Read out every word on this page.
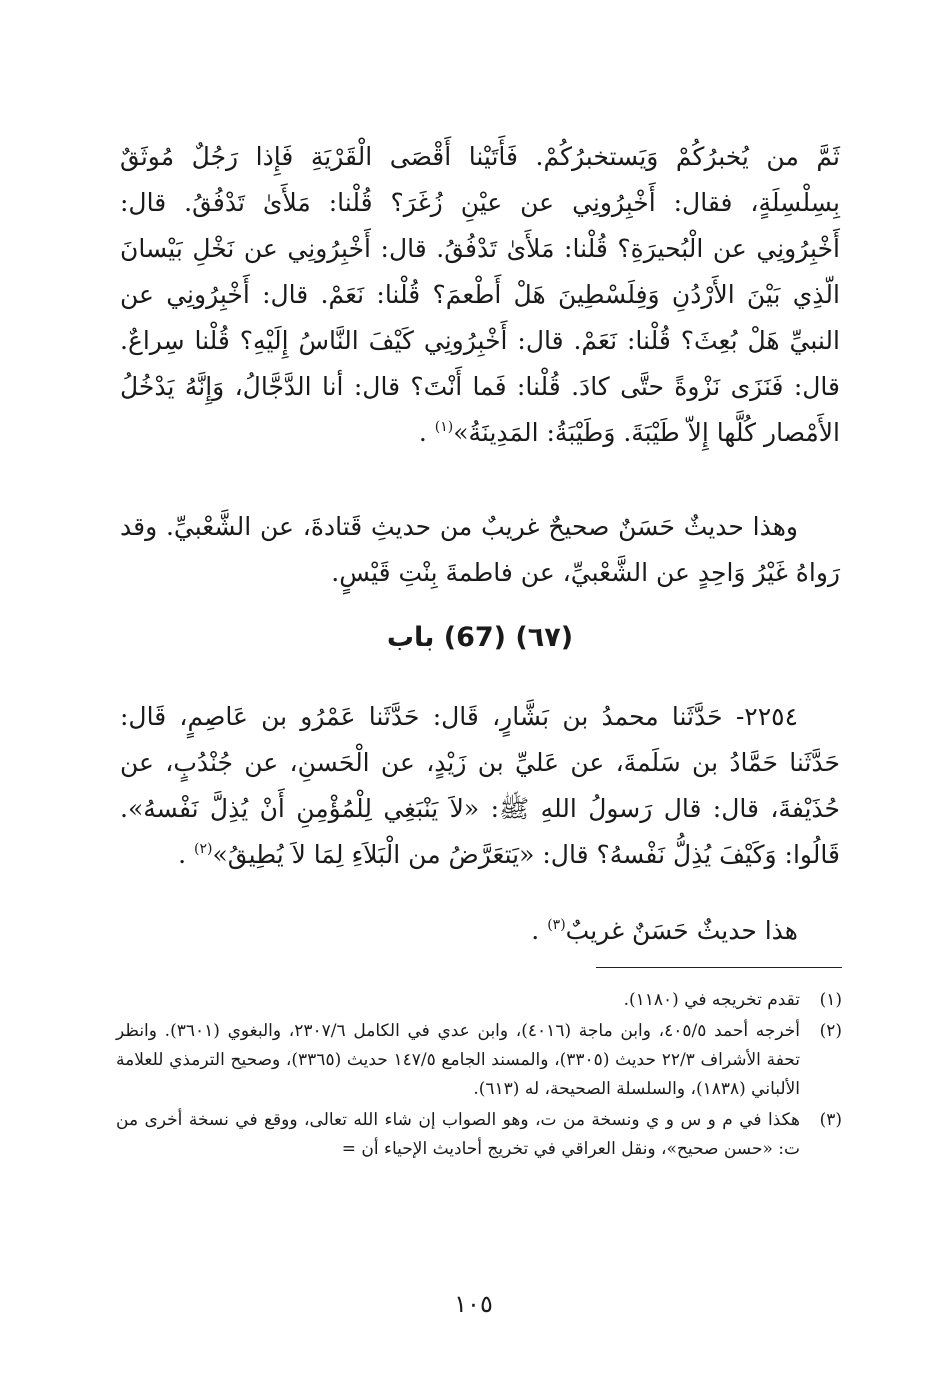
ثَمَّ من يُخبرُكُمْ وَيَستخبرُكُمْ. فَأَتَيْنا أَقْصَى الْقَرْيَةِ فَإِذا رَجُلٌ مُوثَقٌ بِسِلْسِلَةٍ، فقال: أَخْبِرُونِي عن عيْنِ زُغَرَ؟ قُلْنا: مَلأَىٰ تَدْفُقُ. قال: أَخْبِرُونِي عن الْبُحيرَةِ؟ قُلْنا: مَلأَىٰ تَدْفُقُ. قال: أَخْبِرُونِي عن نَخْلِ بَيْسانَ الّذِي بَيْنَ الأَرْدُنِ وَفِلَسْطِينَ هَلْ أَطْعمَ؟ قُلْنا: نَعَمْ. قال: أَخْبِرُونِي عن النبيِّ هَلْ بُعِثَ؟ قُلْنا: نَعَمْ. قال: أَخْبِرُونِي كَيْفَ النَّاسُ إِلَيْهِ؟ قُلْنا سِراعٌ. قال: فَنَزَى نَزْوةً حتَّى كادَ. قُلْنا: فَما أَنْتَ؟ قال: أنا الدَّجَّالُ، وَإِنَّهُ يَدْخُلُ الأَمْصار كُلَّها إِلاّ طَيْبَةَ. وَطَيْبَةُ: المَدِينَةُ»$^{(١)}$ .

وهذا حديثٌ حَسَنٌ صحيحٌ غريبٌ من حديثِ قَتادةَ، عن الشَّعْبيِّ. وقد رَواهُ غَيْرُ وَاحِدٍ عن الشَّعْبيِّ، عن فاطمةَ بِنْتِ قَيْسٍ.

(٦٧) (67) باب

٢٢٥٤- حَدَّثَنا محمدُ بن بَشَّارٍ، قَال: حَدَّثَنا عَمْرُو بن عَاصِمٍ، قَال: حَدَّثَنا حَمَّادُ بن سَلَمةَ، عن عَليِّ بن زَيْدٍ، عن الْحَسنِ، عن جُنْدُبٍ، عن حُذَيْفةَ، قال: قال رَسولُ اللهِ ﷺ: «لاَ يَنْبَغِي لِلْمُؤْمِنِ أَنْ يُذِلَّ نَفْسهُ». قَالُوا: وَكَيْفَ يُذِلُّ نَفْسهُ؟ قال: «يَتعَرَّضُ من الْبَلاَءِ لِمَا لاَ يُطِيقُ»$^{(٢)}$ .

هذا حديثٌ حَسَنٌ غريبٌ$^{(٣)}$ .

(١)
تقدم تخريجه في (١١٨٠).
(٢)
أخرجه أحمد ٤٠٥/٥، وابن ماجة (٤٠١٦)، وابن عدي في الكامل ٢٣٠٧/٦، والبغوي (٣٦٠١). وانظر تحفة الأشراف ٢٢/٣ حديث (٣٣٠٥)، والمسند الجامع ١٤٧/٥ حديث (٣٣٦٥)، وصحيح الترمذي للعلامة الألباني (١٨٣٨)، والسلسلة الصحيحة، له (٦١٣).
(٣)
هكذا في م و س و ي ونسخة من ت، وهو الصواب إن شاء الله تعالى، ووقع في نسخة أخرى من ت: «حسن صحيح»، ونقل العراقي في تخريج أحاديث الإحياء أن =
١٠٥
